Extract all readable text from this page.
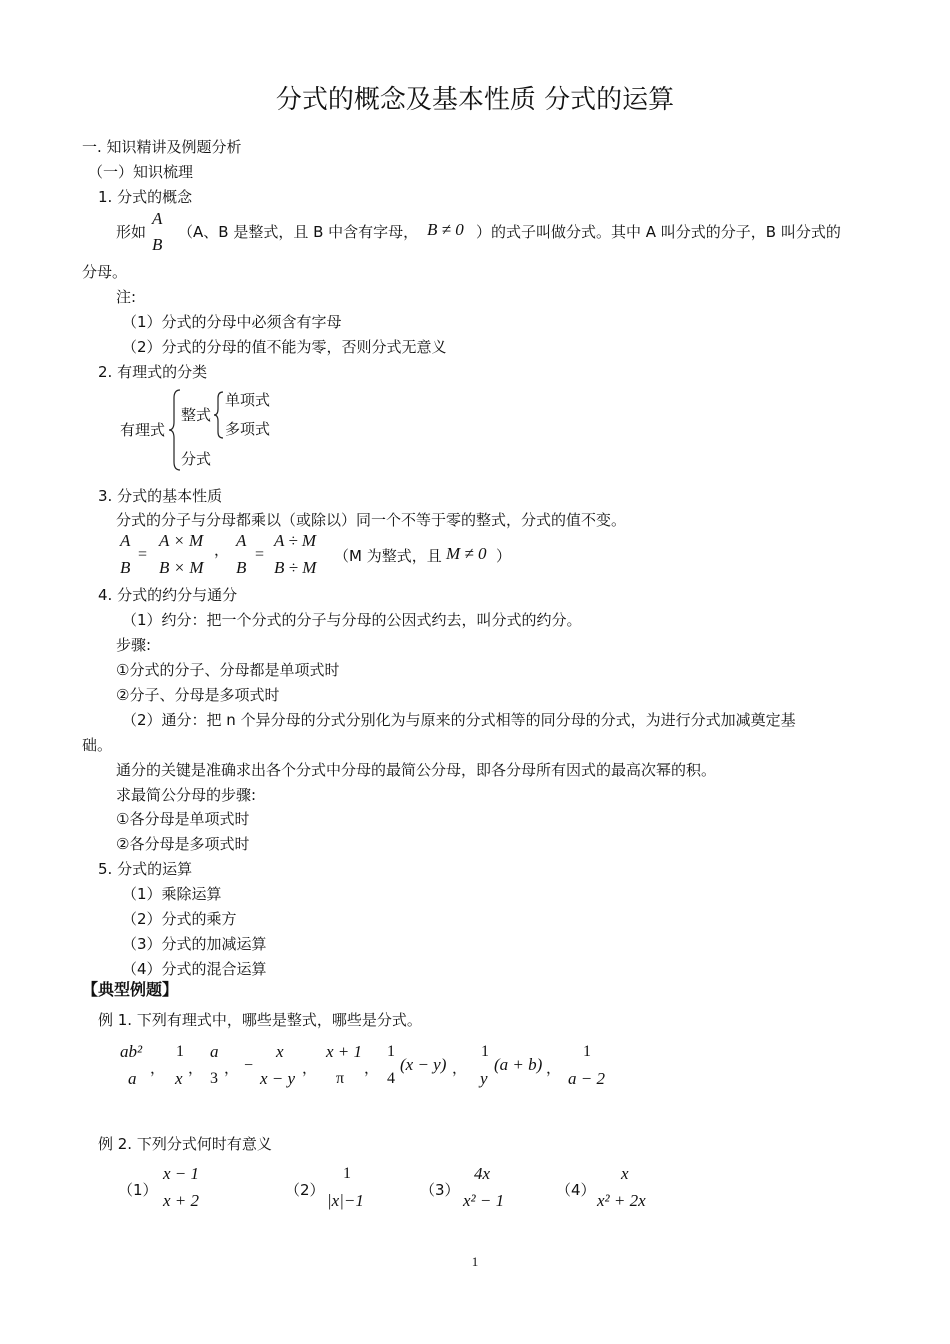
分式的概念及基本性质 分式的运算
一. 知识精讲及例题分析
（一）知识梳理
1. 分式的概念
形如
A
B
（A、B 是整式，且 B 中含有字母， B ≠ 0 ）的式子叫做分式。其中 A 叫分式的分子，B 叫分式的
分母。
注:
（1）分式的分母中必须含有字母
（2）分式的分母的值不能为零，否则分式无意义
2. 有理式的分类
有理式
整式
单项式
多项式
分式
3. 分式的基本性质
分式的分子与分母都乘以（或除以）同一个不等于零的整式，分式的值不变。
A
B
=
A × M
B × M
， A
B
=
A ÷ M
B ÷ M
（M 为整式，且 M ≠ 0 ）
4. 分式的约分与通分
（1）约分：把一个分式的分子与分母的公因式约去，叫分式的约分。
步骤:
①分式的分子、分母都是单项式时
②分子、分母是多项式时
（2）通分：把 n 个异分母的分式分别化为与原来的分式相等的同分母的分式，为进行分式加减奠定基
础。
通分的关键是准确求出各个分式中分母的最简公分母，即各分母所有因式的最高次幂的积。
求最简公分母的步骤:
①各分母是单项式时
②各分母是多项式时
5. 分式的运算
（1）乘除运算
（2）分式的乘方
（3）分式的加减运算
（4）分式的混合运算
【典型例题】
例 1. 下列有理式中，哪些是整式，哪些是分式。
ab²
a
，
1
x
，
a
3
， −
x
x − y
，
x + 1
π
，
1
4
(x − y) ，
1
y
(a + b) ，
1
a − 2
例 2. 下列分式何时有意义
（1）
x − 1
x + 2
（2）
1
|x|−1
（3）
4x
x² − 1
（4）
x
x² + 2x
1
